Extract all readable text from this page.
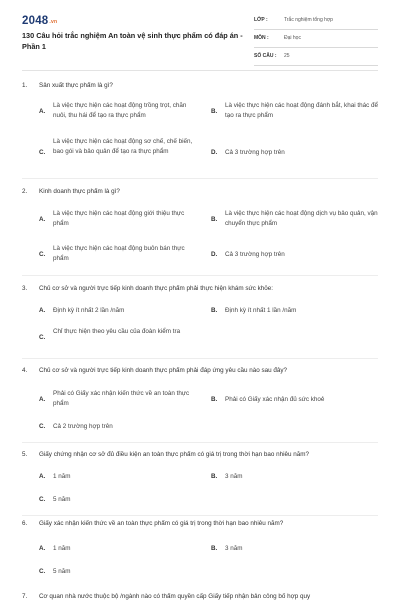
2048.vn
130 Câu hỏi trắc nghiệm An toàn vệ sinh thực phẩm có đáp án - Phần 1
LỚP :	Trắc nghiệm tổng hợp
MÔN :	Đại học
SỐ CÂU : 25
1. Sản xuất thực phẩm là gì?
A.
Là việc thực hiện các hoạt động trồng trọt, chăn nuôi, thu hái để tạo ra thực phẩm
B.
Là việc thực hiện các hoạt động đánh bắt, khai thác để tạo ra thực phẩm
C.
Là việc thực hiện các hoạt động sơ chế, chế biến, bao gói và bảo quản để tạo ra thực phẩm	D. Cả 3 trường hợp trên
2. Kinh doanh thực phẩm là gì?
A.
Là việc thực hiện các hoạt động giới thiệu thực phẩm
B.
Là việc thực hiện các hoạt động dịch vụ bảo quản, vận chuyển thực phẩm
C.
Là việc thực hiện các hoạt động buôn bán thực phẩm
D. Cả 3 trường hợp trên
3. Chủ cơ sở và người trực tiếp kinh doanh thực phẩm phải thực hiện khám sức khỏe:
A. Định kỳ ít nhất 2 lần /năm	B. Định kỳ ít nhất 1 lần /năm
C.
Chỉ thực hiện theo yêu cầu của đoàn kiểm tra
4. Chủ cơ sở và người trực tiếp kinh doanh thực phẩm phải đáp ứng yêu cầu nào sau đây?
A.
Phải có Giấy xác nhận kiến thức về an toàn thực phẩm
B. Phải có Giấy xác nhận đủ sức khoẻ
C. Cả 2 trường hợp trên
5. Giấy chứng nhận cơ sở đủ điều kiện an toàn thực phẩm có giá trị trong thời hạn bao nhiêu năm?
A. 1 năm	B. 3 năm
C. 5 năm
6. Giấy xác nhận kiến thức về an toàn thực phẩm có giá trị trong thời hạn bao nhiêu năm?
A. 1 năm	B. 3 năm
C. 5 năm
7. Cơ quan nhà nước thuộc bộ /ngành nào có thẩm quyền cấp Giấy tiếp nhận bản công bố hợp quy
